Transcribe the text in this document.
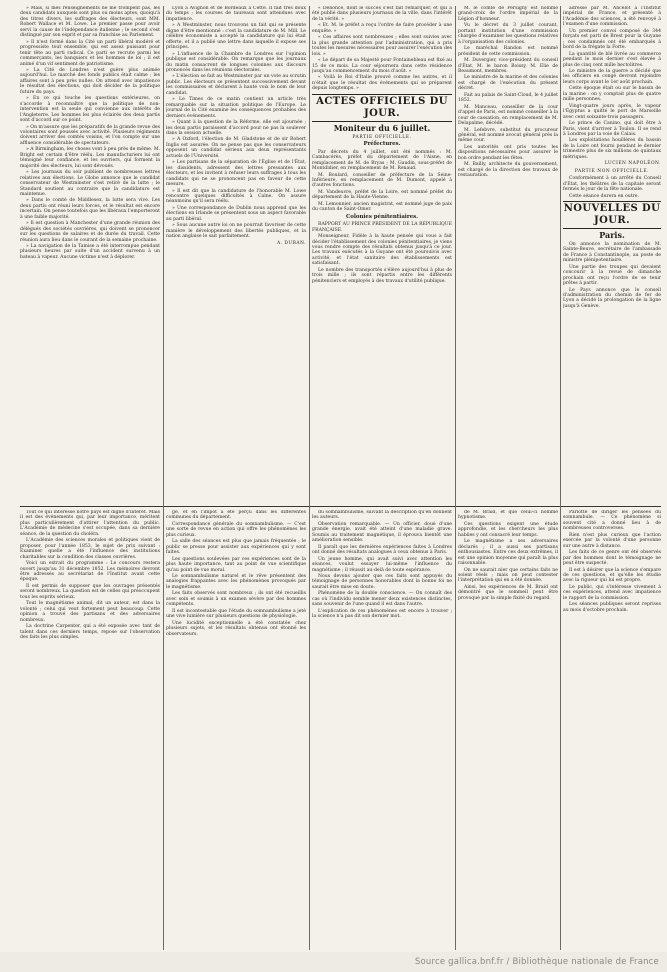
» Mais, si mes renseignements ne me trompent pas, les deux candidats auxquels sont plus ou moins aptes, quoiqu'à des titres divers, les suffrages des électeurs, sont MM. Robert Wallace et M. Lowe. Le premier passe pour avoir servi la cause de l'indépendance italienne ; le second s'est distingué par son esprit et par sa franchise au Parlement.

» Il n'est formé dans la Cité un parti libéral modéré et progressiste tout ensemble, qui est assez puissant pour tenir tête au parti radical. Ce parti se recrute parmi les commerçants, les banquiers et les hommes de loi ; il est animé d'un vif sentiment de patriotisme.

» La Cité de Londres n'est guère plus animée aujourd'hui. Le marché des fonds publics était calme ; les affaires sont à peu près nulles. On attend avec impatience le résultat des élections, qui doit décider de la politique future du pays.

» En ce qui touche les questions extérieures, on s'accorde à reconnaître que la politique de non-intervention est la seule qui convienne aux intérêts de l'Angleterre. Les hommes les plus éclairés des deux partis sont d'accord sur ce point.

» On m'assure que les préparatifs de la grande revue des volontaires sont poussés avec activité. Plusieurs régiments doivent arriver des comtés voisins, et l'on compte sur une affluence considérable de spectateurs.

» A Birmingham, les choses vont à peu près de même. M. Bright est certain d'être réélu. Les manufacturiers lui ont témoigné leur confiance, et les ouvriers, qui forment la majorité des électeurs, lui sont dévoués.

» Les journaux du soir publient de nombreuses lettres relatives aux élections. Le Globe annonce que le candidat conservateur de Westminster s'est retiré de la lutte ; le Standard soutient au contraire que la candidature est maintenue.

» Dans le comté de Middlesex, la lutte sera vive. Les deux partis ont réuni leurs forces, et le résultat est encore incertain. On pense toutefois que les libéraux l'emporteront à une faible majorité.

» Il est question à Manchester d'une grande réunion des délégués des sociétés ouvrières, qui doivent se prononcer sur les questions de salaires et de durée du travail. Cette réunion aura lieu dans le courant de la semaine prochaine.

» La navigation de la Tamise a été interrompue pendant plusieurs heures par suite d'un accident survenu à un bateau à vapeur. Aucune victime n'est à déplorer.

Lyon à Avignon et de Bordeaux à Cette. Il fait très doux du temps ; les courses de taureaux sont attendues avec impatience.

» A Westminster, nous trouvons un fait qui se présente digne d'être mentionné : c'est la candidature de M. Mill. Le célèbre économiste a accepté la candidature qui lui était offerte, et il a publié une lettre dans laquelle il expose ses principes.

» L'influence de la Chambre de Londres sur l'opinion publique est considérable. On remarque que les journaux du matin consacrent de longues colonnes aux discours prononcés dans les réunions électorales.

» L'élection se fait au Westminster par un vote au scrutin public. Les électeurs se présentent successivement devant les commissaires et déclarent à haute voix le nom de leur candidat.

» Le Times de ce matin contient un article très remarquable sur la situation politique de l'Europe. Le journal de la Cité examine les conséquences probables des derniers événements.

» Quant à la question de la Réforme, elle est ajournée ; les deux partis paraissent d'accord pour ne pas la soulever dans la session actuelle.

» A Oxford, l'élection de M. Gladstone et de sir Robert Inglis est assurée. On ne pense pas que les conservateurs opposent un candidat sérieux aux deux représentants actuels de l'Université.

» Les partisans de la séparation de l'Église et de l'État, les dissidents, adressent des lettres pressantes aux électeurs, et les invitent à refuser leurs suffrages à tous les candidats qui ne se prononcent pas en faveur de cette mesure.

» Il est dit que la candidature de l'honorable M. Lowe rencontre quelques difficultés à Calne. On assure néanmoins qu'il sera réélu.

» Une correspondance de Dublin nous apprend que les élections en Irlande se présentent sous un aspect favorable au parti libéral.

» Sous aucune autre loi on ne pourrait favoriser de cette manière le développement des libertés publiques, et la nation anglaise le sait parfaitement.

A. DUBAN.

« Dénonce, dont le succès s'est fait remarquer, et qui a été publié dans plusieurs journaux de la ville, dans l'intérêt de la vérité. »

« Et. M. le préfet a reçu l'ordre de faire procéder à une enquête. »

« Ces affaires sont nombreuses ; elles sont suivies avec la plus grande attention par l'administration, qui a pris toutes les mesures nécessaires pour assurer l'exécution des lois. »

« Le départ de sa Majesté pour Fontainebleau est fixé au 15 de ce mois. La cour séjournera dans cette résidence jusqu'au commencement du mois d'août. »

« Voilà le Roi d'Italie prouvé comme les autres, et il n'était que le résultat des événements qui se préparent depuis longtemps. »

ACTES OFFICIELS DU JOUR.

Moniteur du 6 juillet.

PARTIE OFFICIELLE.

Préfectures.

Par décrets du 4 juillet, ont été nommés : M. Cambacérès, préfet du département de l'Aisne, en remplacement de M. de Bryas ; M. Gaudin, sous-préfet de Montdidier, en remplacement de M. Renaud.

M. Boulard, conseiller de préfecture de la Seine-Inférieure, en remplacement de M. Dumont, appelé à d'autres fonctions.

M. Vandeuvre, préfet de la Loire, est nommé préfet du département de la Haute-Vienne.

M. Lemonnier, ancien magistrat, est nommé juge de paix du canton de Saint-Omer.

Colonies pénitentiaires.

RAPPORT AU PRINCE PRÉSIDENT DE LA RÉPUBLIQUE FRANÇAISE.

Monseigneur, Fidèle à la haute pensée qui vous a fait décider l'établissement des colonies pénitentiaires, je viens vous rendre compte des résultats obtenus jusqu'à ce jour. Les travaux exécutés à la Guyane ont été poursuivis avec activité, et l'état sanitaire des établissements est satisfaisant.

Le nombre des transportés s'élève aujourd'hui à plus de trois mille ; ils sont répartis entre les différents pénitenciers et employés à des travaux d'utilité publique.

M. le comte de Persigny est nommé grand-croix de l'ordre impérial de la Légion d'honneur.

Vu le décret du 3 juillet courant, portant institution d'une commission chargée d'examiner les questions relatives à l'organisation des colonies.

Le maréchal Randon est nommé président de cette commission.

M. Duvergier, vice-président du conseil d'État, M. le baron Boissy, M. Elie de Beaumont, membres.

Le ministre de la marine et des colonies est chargé de l'exécution du présent décret.

Fait au palais de Saint-Cloud, le 4 juillet 1852.

M. Manceau, conseiller de la cour d'appel de Paris, est nommé conseiller à la cour de cassation, en remplacement de M. Delapalme, décédé.

M. Lefebvre, substitut du procureur général, est nommé avocat général près la même cour.

Les autorités ont pris toutes les dispositions nécessaires pour assurer le bon ordre pendant les fêtes.

M. Bailly, architecte du gouvernement, est chargé de la direction des travaux de restauration.

adressé par M. Ancelot à l'Institut impérial de France, et présenté à l'Académie des sciences, a été renvoyé à l'examen d'une commission.

Un premier convoi composé de 344 forçats est parti de Brest pour la Guyane ; ces condamnés ont été embarqués à bord de la frégate la Forte.

La quantité de blé livrée au commerce pendant le mois dernier s'est élevée à plus de cinq cent mille hectolitres.

Le ministre de la guerre a décidé que les officiers en congé devront rejoindre leurs corps avant le 1er août prochain.

Cette époque était ou sur le bassin de la marine : on y comptait plus de quatre mille personnes.

Vingt-quatre jours après, le vapeur l'Égyptus a quitté le port de Marseille avec cent soixante-trois passagers.

Le prince de Canino, qui doit être à Paris, vient d'arriver à Toulon. Il se rend à Londres par la voie de Calais.

Les exploitations houillères du bassin de la Loire ont fourni pendant le dernier trimestre plus de six millions de quintaux métriques.

LUCIEN NAPOLÉON.

PARTIE NON OFFICIELLE.

Conformément à un arrêté du Conseil d'État, les théâtres de la capitale seront fermés le jour de la fête nationale.

Cette séance durera en outre.

NOUVELLES DU JOUR.

Paris.

On annonce la nomination de M. Sainte-Beuve, secrétaire de l'ambassade de France à Constantinople, au poste de ministre plénipotentiaire.

Une partie des troupes qui devaient concourir à la revue de dimanche prochain ont reçu l'ordre de se tenir prêtes à partir.

Le Pays annonce que le conseil d'administration du chemin de fer de Lyon a décidé la prolongation de la ligne jusqu'à Genève.

Tout ce qui intéresse notre pays est digne d'intérêt. Mais il est des événements qui, par leur importance, méritent plus particulièrement d'attirer l'attention du public. L'Académie de médecine s'est occupée, dans sa dernière séance, de la question du choléra.

L'Académie des sciences morales et politiques vient de proposer, pour l'année 1853, le sujet de prix suivant : Examiner quelle a été l'influence des institutions charitables sur la condition des classes ouvrières.

Voici un extrait du programme : Le concours restera ouvert jusqu'au 31 décembre 1852. Les mémoires devront être adressés au secrétariat de l'Institut avant cette époque.

Il est permis de supposer que les ouvrages présentés seront nombreux. La question est de celles qui préoccupent tous les esprits sérieux.

Tout le magnétisme animal, dit un auteur, est dans la volonté ; celui qui veut fortement peut beaucoup. Cette opinion a trouvé des partisans et des adversaires nombreux.

La doctrine Carpenter, qui a été exposée avec tant de talent dans ces derniers temps, repose sur l'observation des faits les plus simples.

ge, et en l'impôt a été perçu dans les différentes communes du département.

Correspondance générale du somnambulisme. — C'est une sorte de revue en action qui offre les phénomènes les plus curieux.

La salle des séances est plus que jamais fréquentée ; le public se presse pour assister aux expériences qui y sont faites.

Les questions soulevées par ces expériences sont de la plus haute importance, tant au point de vue scientifique qu'au point de vue moral.

Le somnambulisme naturel et le rêve présentent des analogies frappantes avec les phénomènes provoqués par le magnétisme.

Les faits observés sont nombreux ; ils ont été recueillis avec soin et soumis à un examen sévère par des hommes compétents.

Il est incontestable que l'étude du somnambulisme a jeté une vive lumière sur plusieurs questions de physiologie.

Une lucidité exceptionnelle a été constatée chez plusieurs sujets, et les résultats obtenus ont étonné les observateurs.

du somnambulisme, suivant la description qu'en donnent les auteurs.

Observation remarquable. — Un officier, doué d'une grande énergie, avait été atteint d'une maladie grave. Soumis au traitement magnétique, il éprouva bientôt une amélioration sensible.

Il paraît que les dernières expériences faites à Londres ont donné des résultats analogues à ceux obtenus à Paris.

Un jeune homme, qui avait suivi avec attention les séances, voulut essayer lui-même l'influence du magnétisme ; il réussit au-delà de toute espérance.

Nous devons ajouter que ces faits sont appuyés du témoignage de personnes honorables dont la bonne foi ne saurait être mise en doute.

Phénomène de la double conscience. — On connaît des cas où l'individu semble mener deux existences distinctes, sans souvenir de l'une quand il est dans l'autre.

L'explication de ces phénomènes est encore à trouver ; la science n'a pas dit son dernier mot.

de M. Braid, et que celui-ci nomme hypnotisme.

Ces questions exigent une étude approfondie, et les chercheurs les plus habiles y ont consacré leur temps.

Le magnétisme a ses adversaires déclarés ; il a aussi ses partisans enthousiastes. Entre ces deux extrêmes, il est une opinion moyenne qui paraît la plus raisonnable.

On ne saurait nier que certains faits ne soient réels ; mais on peut contester l'interprétation qui en a été donnée.

Ainsi, les expériences de M. Braid ont démontré que le sommeil peut être provoqué par la simple fixité du regard.

Parlotte de diriger les pensées du somnambule. — Ce phénomène si souvent cité a donné lieu à de nombreuses controverses.

Rien n'est plus curieux que l'action exercée par la volonté d'une personne sur une autre à distance.

Les faits de ce genre ont été observés par des hommes dont le témoignage ne peut être suspecté.

Il est à désirer que la science s'empare de ces questions, et qu'elle les étudie avec la rigueur qui lui est propre.

Le public, qui s'intéresse vivement à ces expériences, attend avec impatience le rapport de la commission.

Les séances publiques seront reprises au mois d'octobre prochain.

Source gallica.bnf.fr / Bibliothèque nationale de France
